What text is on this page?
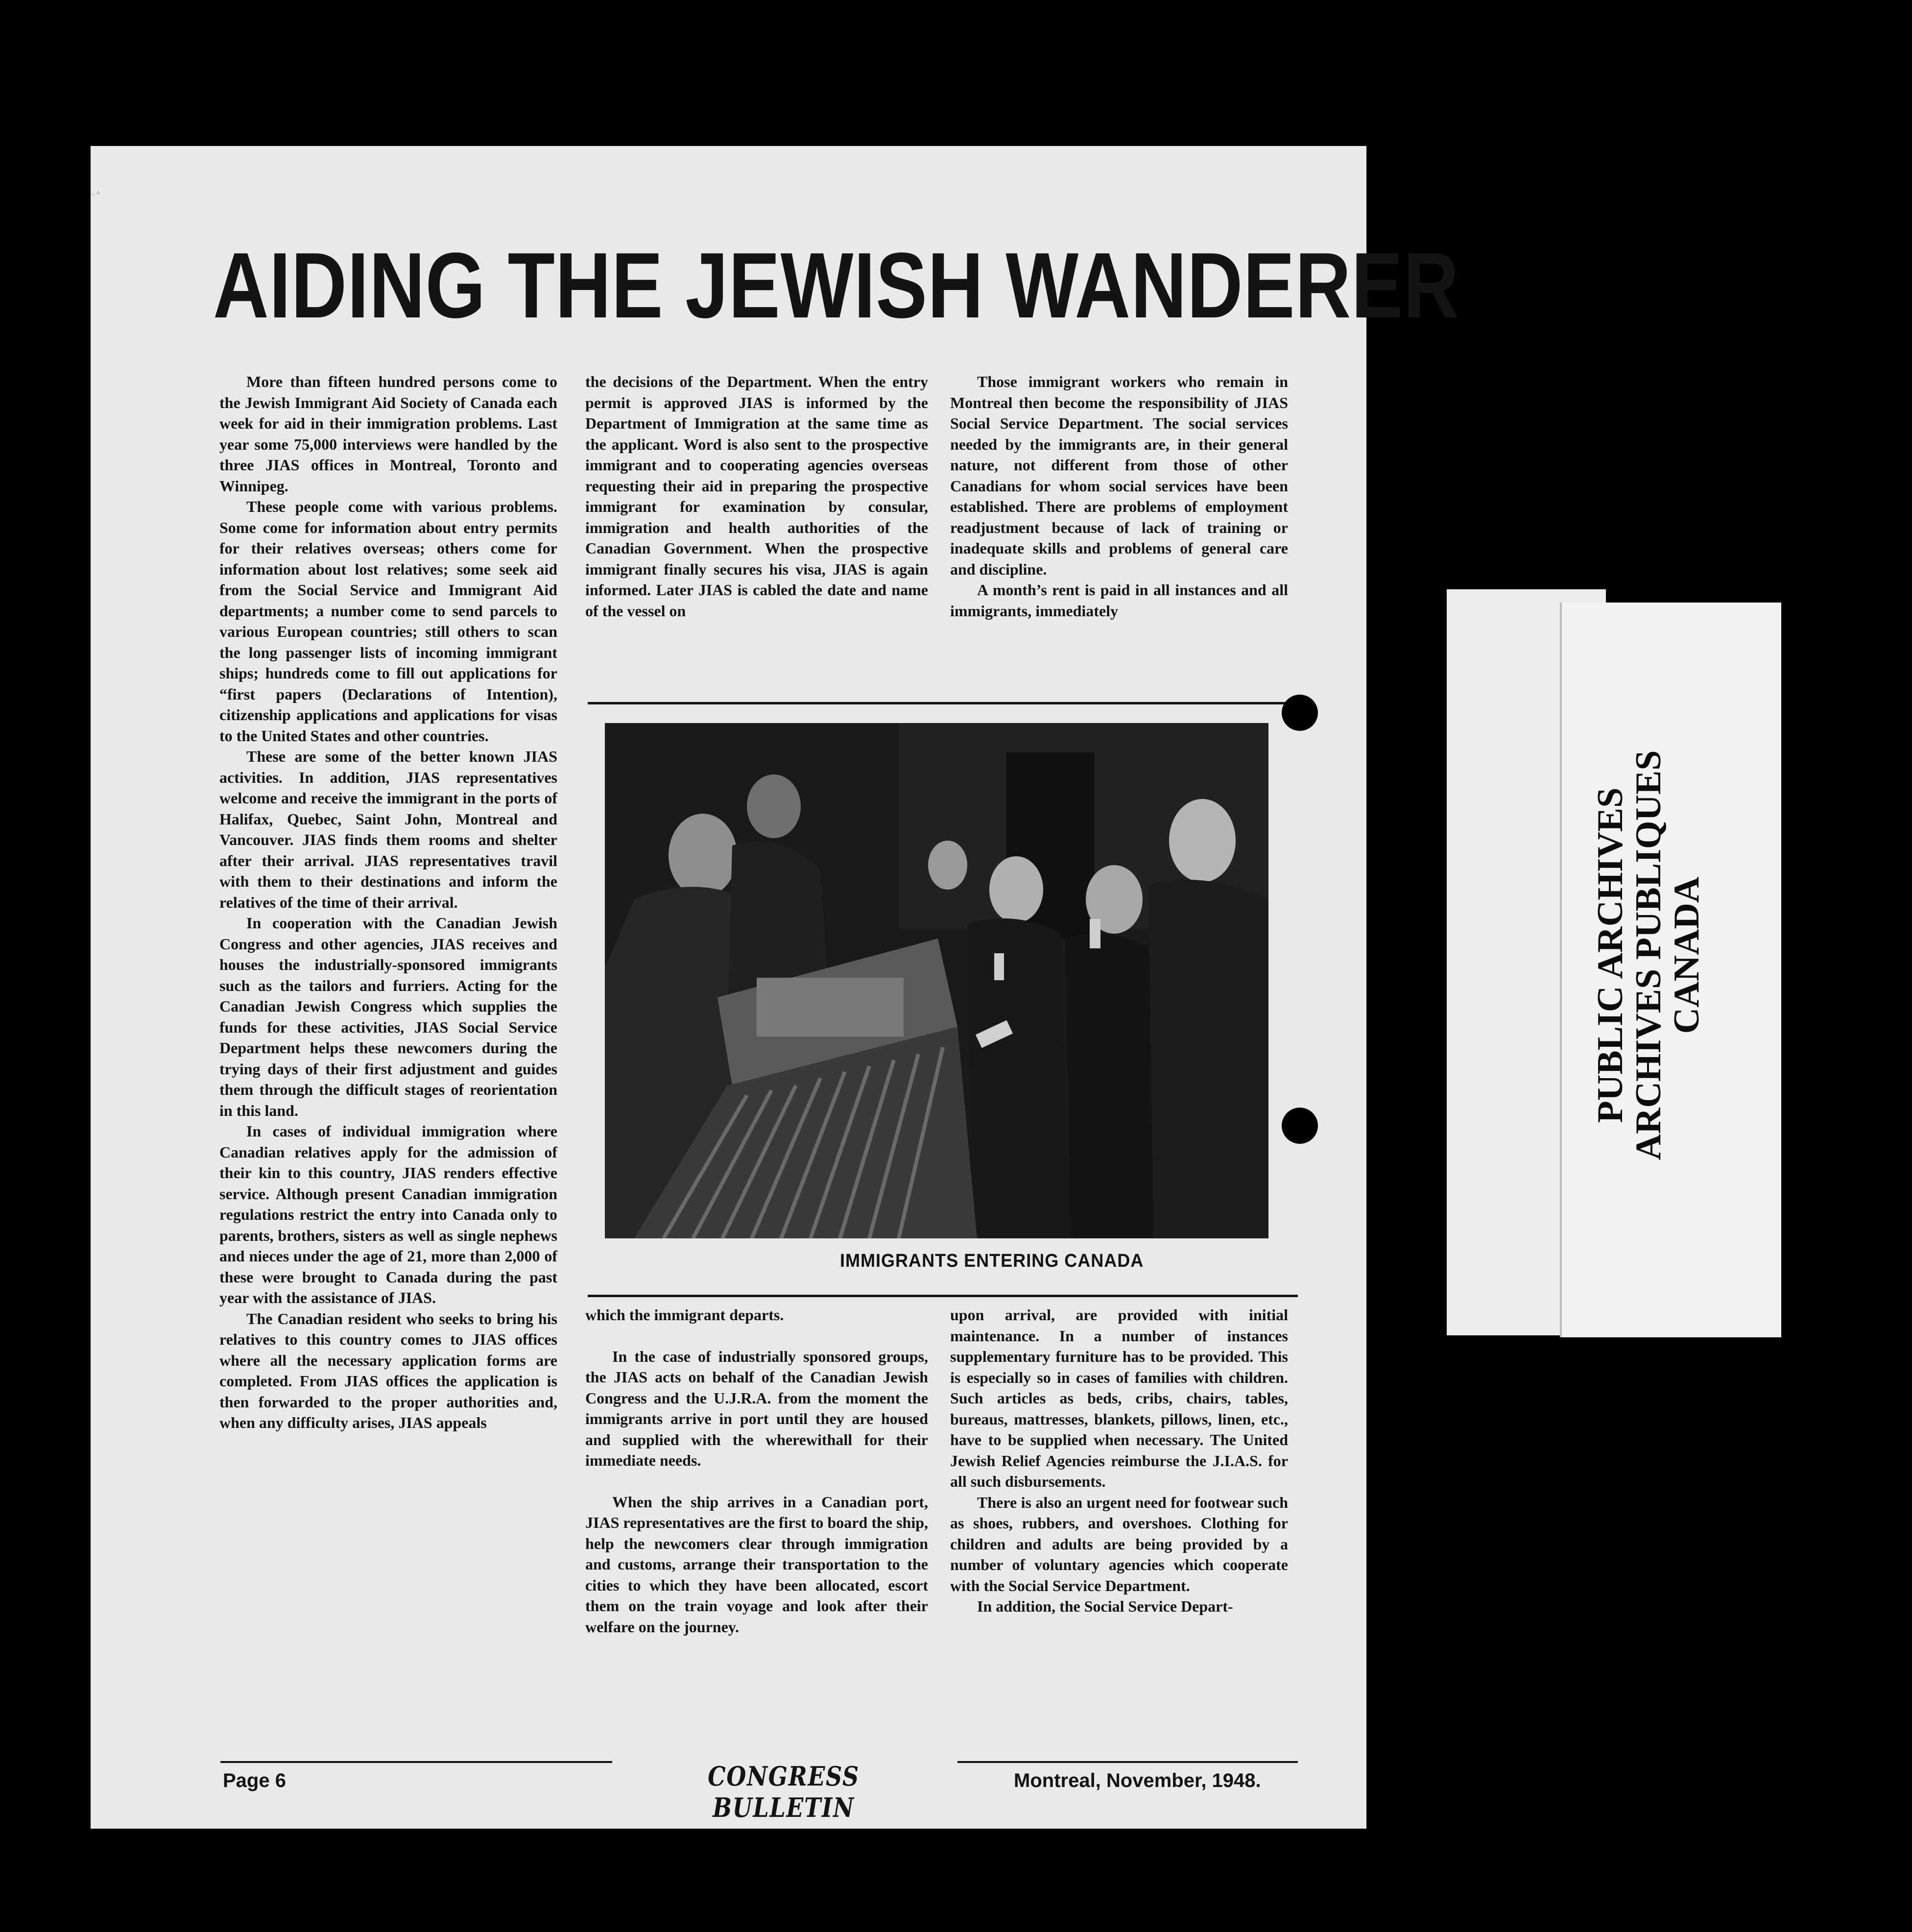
-•
AIDING THE JEWISH WANDERER

More than fifteen hundred persons come to the Jewish Immigrant Aid Society of Canada each week for aid in their immigration problems. Last year some 75,000 interviews were handled by the three JIAS offices in Montreal, Toronto and Winnipeg.

These people come with various problems. Some come for information about entry permits for their relatives overseas; others come for information about lost relatives; some seek aid from the Social Service and Immigrant Aid departments; a number come to send parcels to various European countries; still others to scan the long passenger lists of incoming immigrant ships; hundreds come to fill out applications for “first papers (Declarations of Intention), citizenship applications and applications for visas to the United States and other countries.

These are some of the better known JIAS activities. In addition, JIAS representatives welcome and receive the immigrant in the ports of Halifax, Quebec, Saint John, Montreal and Vancouver. JIAS finds them rooms and shelter after their arrival. JIAS representatives travil with them to their destinations and inform the relatives of the time of their arrival.

In cooperation with the Canadian Jewish Congress and other agencies, JIAS receives and houses the industrially-sponsored immigrants such as the tailors and furriers. Acting for the Canadian Jewish Congress which supplies the funds for these activities, JIAS Social Service Department helps these newcomers during the trying days of their first adjustment and guides them through the difficult stages of reorientation in this land.

In cases of individual immigration where Canadian relatives apply for the admission of their kin to this country, JIAS renders effective service. Although present Canadian immigration regulations restrict the entry into Canada only to parents, brothers, sisters as well as single nephews and nieces under the age of 21, more than 2,000 of these were brought to Canada during the past year with the assistance of JIAS.

The Canadian resident who seeks to bring his relatives to this country comes to JIAS offices where all the necessary application forms are completed. From JIAS offices the application is then forwarded to the proper authorities and, when any difficulty arises, JIAS appeals

the decisions of the Department. When the entry permit is approved JIAS is informed by the Department of Immigration at the same time as the applicant. Word is also sent to the prospective immigrant and to cooperating agencies overseas requesting their aid in preparing the prospective immigrant for examination by consular, immigration and health authorities of the Canadian Government. When the prospective immigrant finally secures his visa, JIAS is again informed. Later JIAS is cabled the date and name of the vessel on

Those immigrant workers who remain in Montreal then become the responsibility of JIAS Social Service Department. The social services needed by the immigrants are, in their general nature, not different from those of other Canadians for whom social services have been established. There are problems of employment readjustment because of lack of training or inadequate skills and problems of general care and discipline.

A month’s rent is paid in all instances and all immigrants, immediately

IMMIGRANTS ENTERING CANADA

which the immigrant departs.

In the case of industrially sponsored groups, the JIAS acts on behalf of the Canadian Jewish Congress and the U.J.R.A. from the moment the immigrants arrive in port until they are housed and supplied with the wherewithall for their immediate needs.

When the ship arrives in a Canadian port, JIAS representatives are the first to board the ship, help the newcomers clear through immigration and customs, arrange their transportation to the cities to which they have been allocated, escort them on the train voyage and look after their welfare on the journey.

upon arrival, are provided with initial maintenance. In a number of instances supplementary furniture has to be provided. This is especially so in cases of families with children. Such articles as beds, cribs, chairs, tables, bureaus, mattresses, blankets, pillows, linen, etc., have to be supplied when necessary. The United Jewish Relief Agencies reimburse the J.I.A.S. for all such disbursements.

There is also an urgent need for footwear such as shoes, rubbers, and overshoes. Clothing for children and adults are being provided by a number of voluntary agencies which cooperate with the Social Service Department.

In addition, the Social Service Depart-

Page 6	CONGRESS BULLETIN
Montreal, November, 1948.
PUBLIC ARCHIVES
ARCHIVES PUBLIQUES
CANADA
